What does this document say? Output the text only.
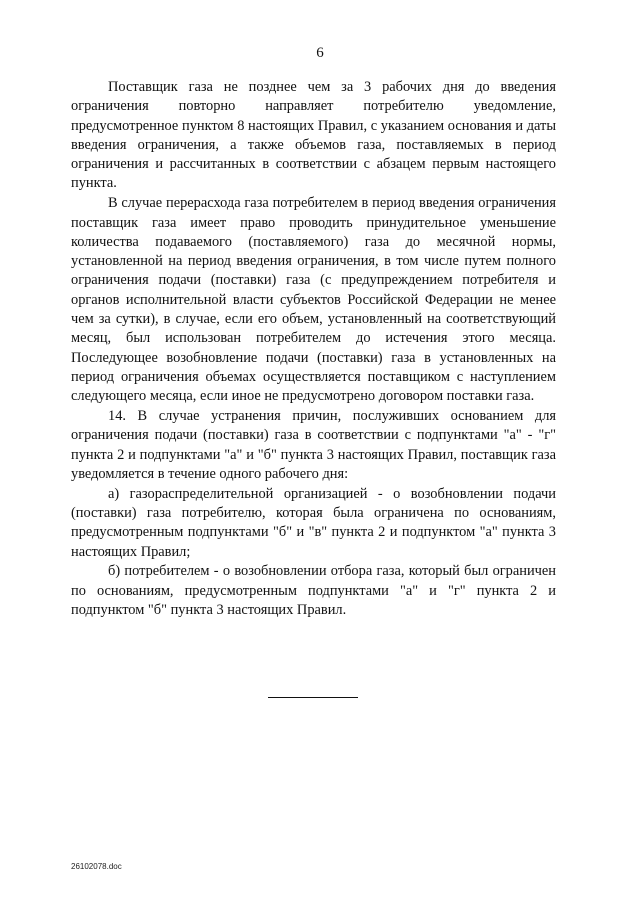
6

Поставщик газа не позднее чем за 3 рабочих дня до введения ограничения повторно направляет потребителю уведомление, предусмотренное пунктом 8 настоящих Правил, с указанием основания и даты введения ограничения, а также объемов газа, поставляемых в период ограничения и рассчитанных в соответствии с абзацем первым настоящего пункта.

В случае перерасхода газа потребителем в период введения ограничения поставщик газа имеет право проводить принудительное уменьшение количества подаваемого (поставляемого) газа до месячной нормы, установленной на период введения ограничения, в том числе путем полного ограничения подачи (поставки) газа (с предупреждением потребителя и органов исполнительной власти субъектов Российской Федерации не менее чем за сутки), в случае, если его объем, установленный на соответствующий месяц, был использован потребителем до истечения этого месяца. Последующее возобновление подачи (поставки) газа в установленных на период ограничения объемах осуществляется поставщиком с наступлением следующего месяца, если иное не предусмотрено договором поставки газа.

14. В случае устранения причин, послуживших основанием для ограничения подачи (поставки) газа в соответствии с подпунктами "а" - "г" пункта 2 и подпунктами "а" и "б" пункта 3 настоящих Правил, поставщик газа уведомляется в течение одного рабочего дня:

а) газораспределительной организацией - о возобновлении подачи (поставки) газа потребителю, которая была ограничена по основаниям, предусмотренным подпунктами "б" и "в" пункта 2 и подпунктом "а" пункта 3 настоящих Правил;

б) потребителем - о возобновлении отбора газа, который был ограничен по основаниям, предусмотренным подпунктами "а" и "г" пункта 2 и подпунктом "б" пункта 3 настоящих Правил.

26102078.doc
